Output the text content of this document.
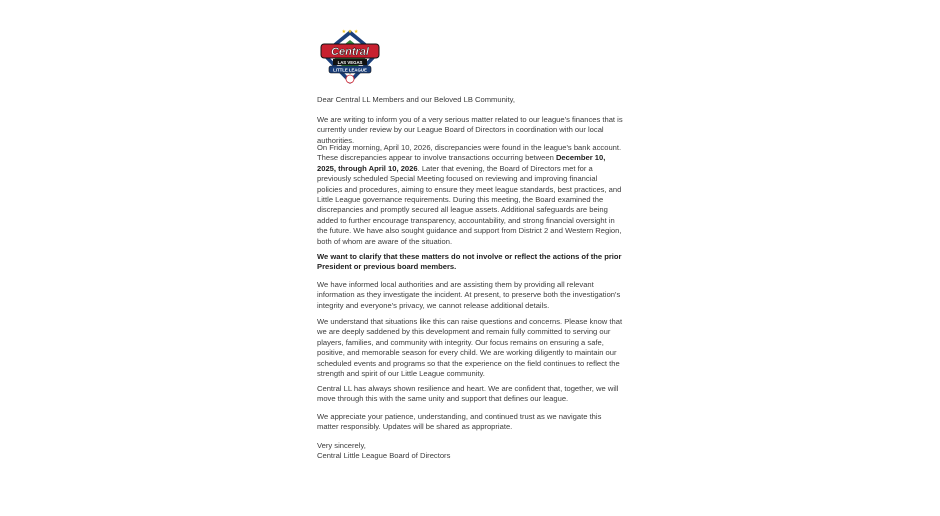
★ ★ ★
Central
LAS VEGAS
LITTLE LEAGUE

Dear Central LL Members and our Beloved LB Community,

We are writing to inform you of a very serious matter related to our league's finances that is currently under review by our League Board of Directors in coordination with our local authorities.

On Friday morning, April 10, 2026, discrepancies were found in the league's bank account. These discrepancies appear to involve transactions occurring between December 10, 2025, through April 10, 2026. Later that evening, the Board of Directors met for a previously scheduled Special Meeting focused on reviewing and improving financial policies and procedures, aiming to ensure they meet league standards, best practices, and Little League governance requirements. During this meeting, the Board examined the discrepancies and promptly secured all league assets. Additional safeguards are being added to further encourage transparency, accountability, and strong financial oversight in the future. We have also sought guidance and support from District 2 and Western Region, both of whom are aware of the situation.

We want to clarify that these matters do not involve or reflect the actions of the prior President or previous board members.

We have informed local authorities and are assisting them by providing all relevant information as they investigate the incident. At present, to preserve both the investigation's integrity and everyone's privacy, we cannot release additional details.

We understand that situations like this can raise questions and concerns. Please know that we are deeply saddened by this development and remain fully committed to serving our players, families, and community with integrity. Our focus remains on ensuring a safe, positive, and memorable season for every child. We are working diligently to maintain our scheduled events and programs so that the experience on the field continues to reflect the strength and spirit of our Little League community.

Central LL has always shown resilience and heart. We are confident that, together, we will move through this with the same unity and support that defines our league.

We appreciate your patience, understanding, and continued trust as we navigate this matter responsibly. Updates will be shared as appropriate.

Very sincerely,
Central Little League Board of Directors
